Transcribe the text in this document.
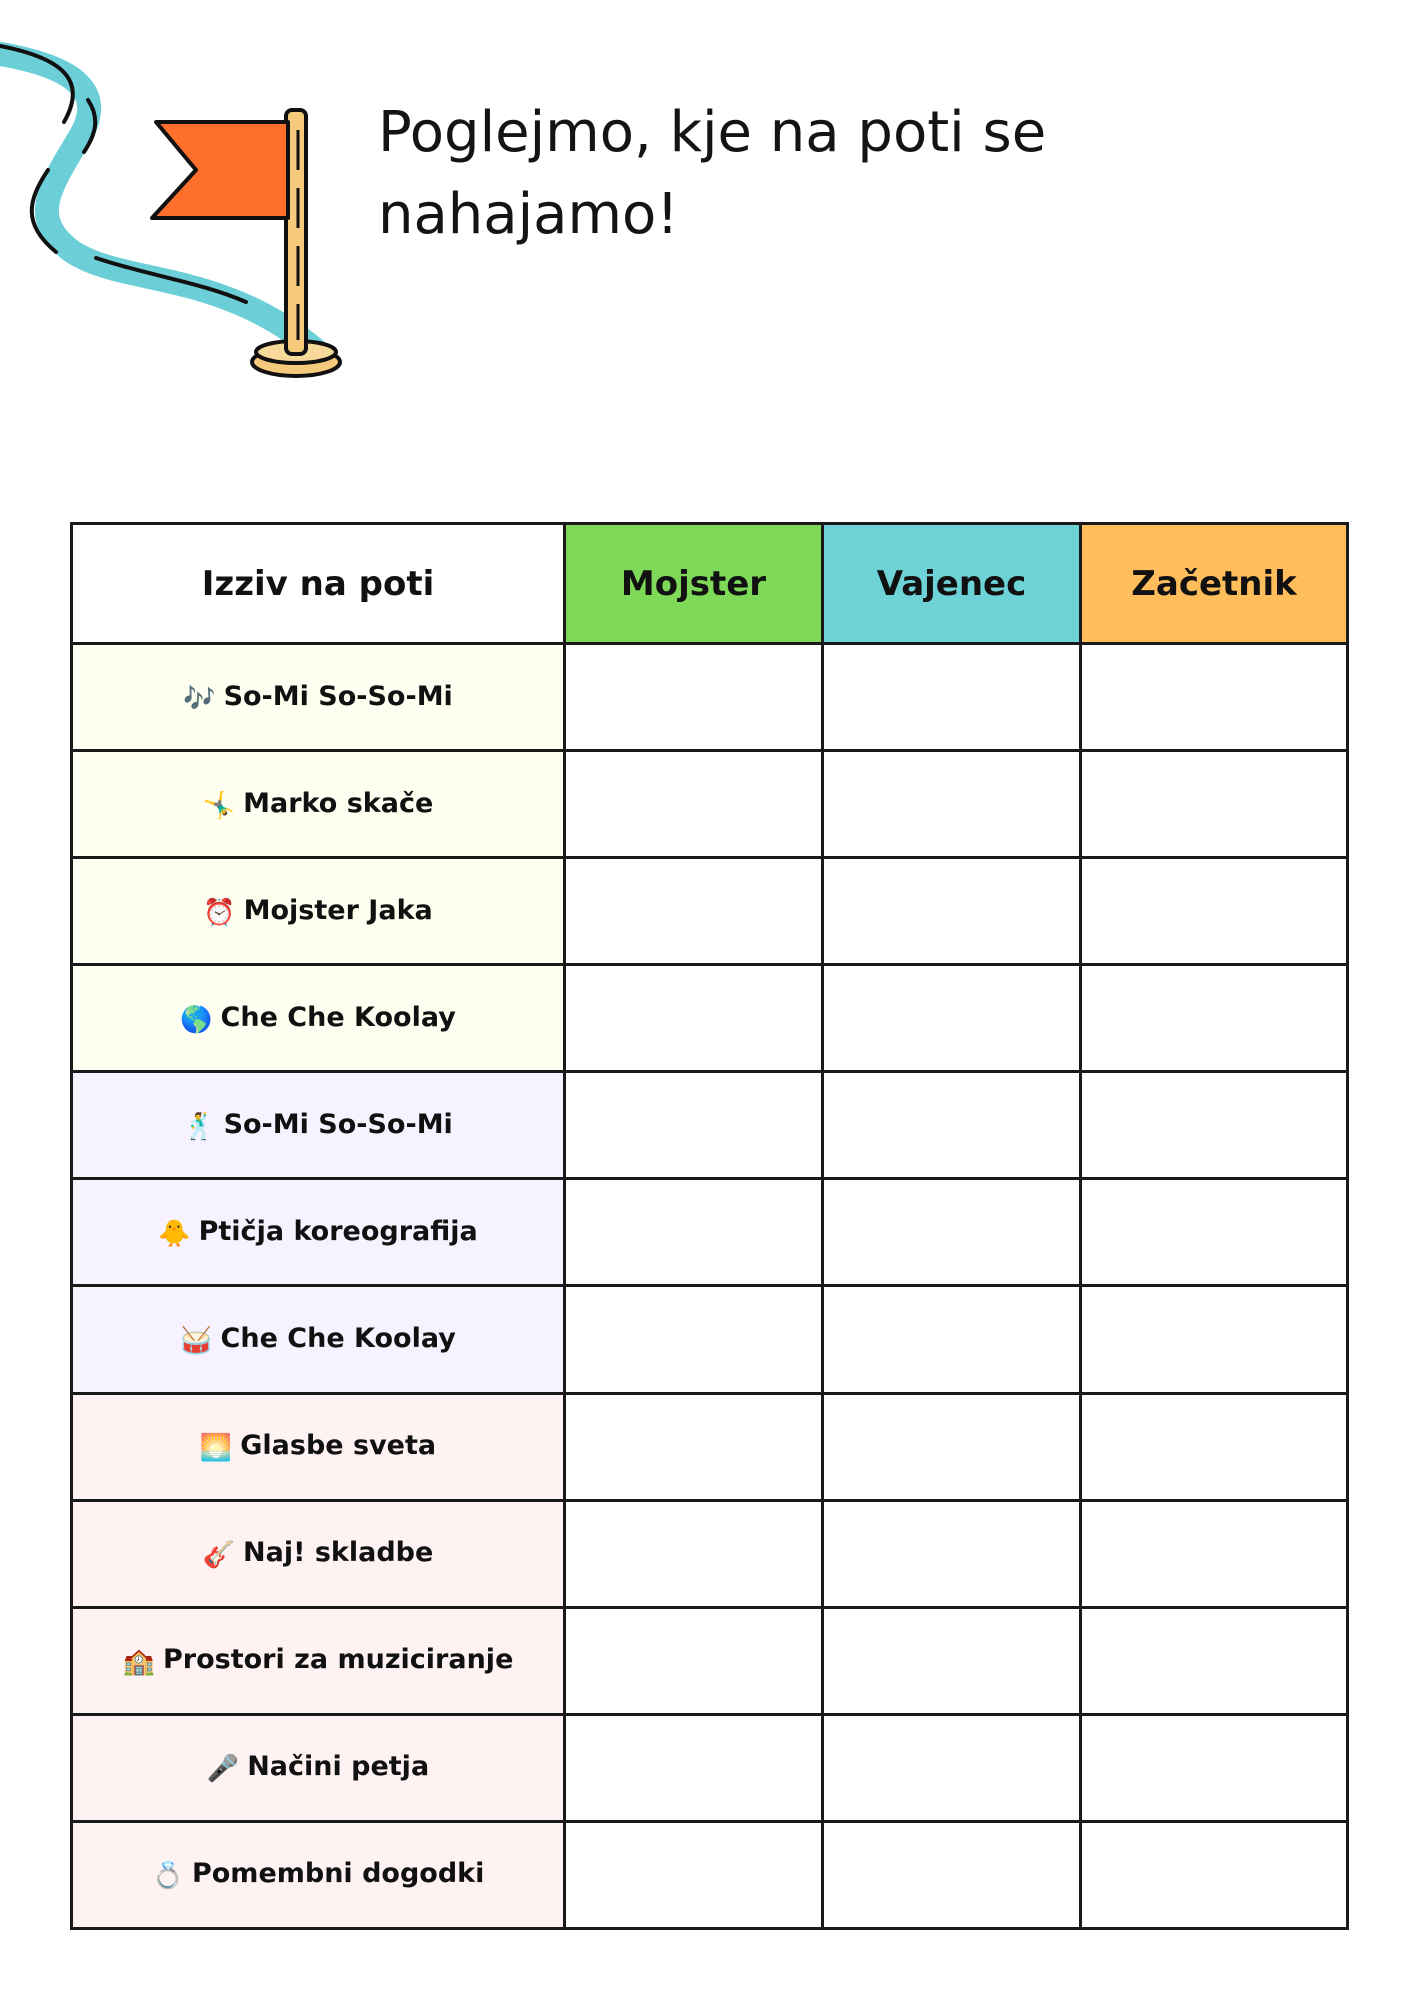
Poglejmo, kje na poti se
nahajamo!
Izziv na poti	Mojster	Vajenec	Začetnik
🎶 So-Mi So-So-Mi			
🤸‍♂️ Marko skače			
⏰ Mojster Jaka			
🌎 Che Che Koolay			
🕺 So-Mi So-So-Mi			
🐥 Ptičja koreografija			
🥁 Che Che Koolay			
🌅 Glasbe sveta			
🎸 Naj! skladbe			
🏫 Prostori za muziciranje			
🎤 Načini petja			
💍 Pomembni dogodki			
